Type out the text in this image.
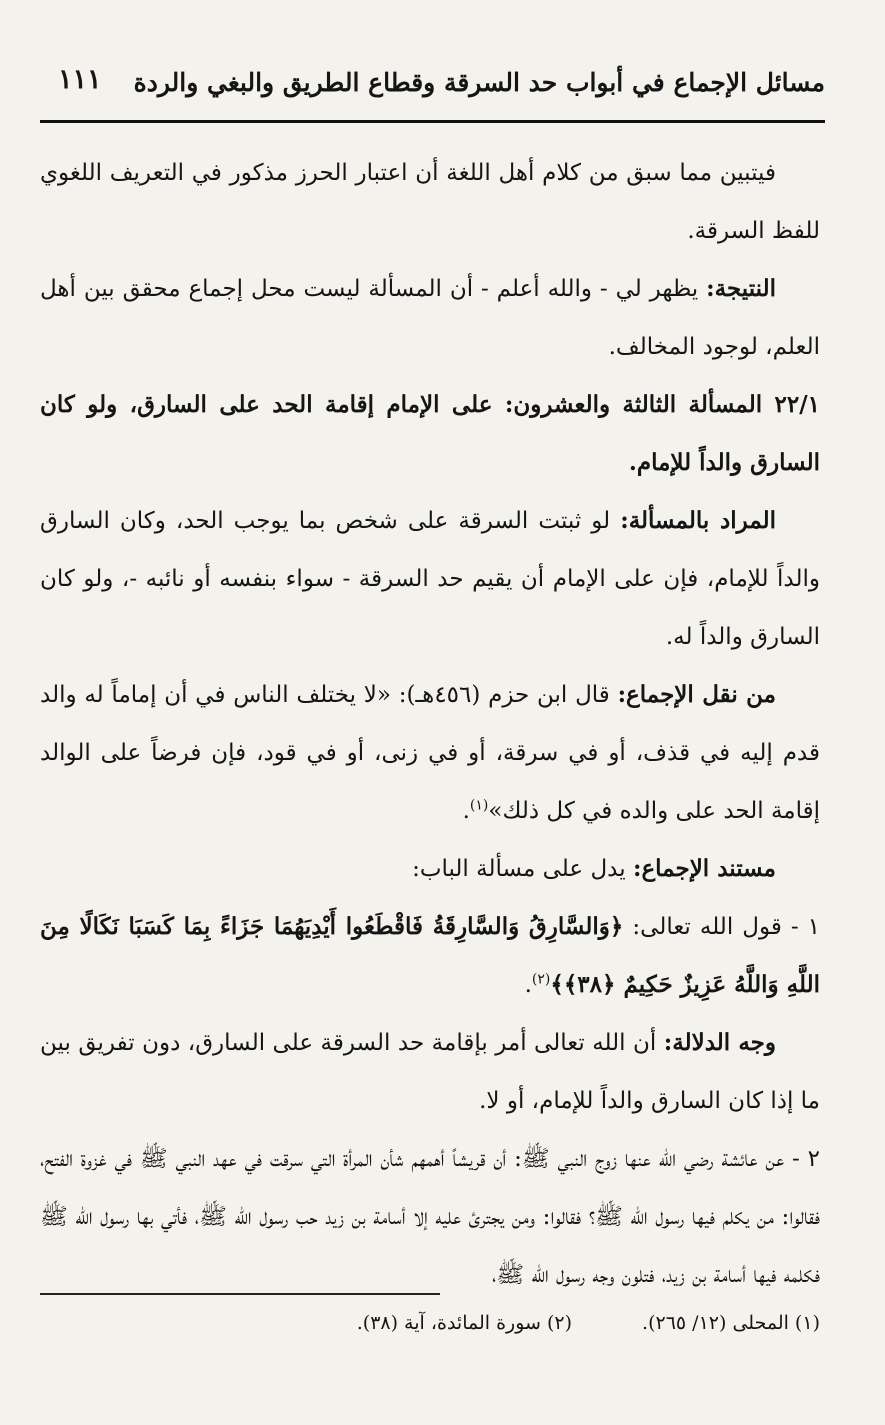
مسائل الإجماع في أبواب حد السرقة وقطاع الطريق والبغي والردة
١١١

فيتبين مما سبق من كلام أهل اللغة أن اعتبار الحرز مذكور في التعريف اللغوي للفظ السرقة.

النتيجة: يظهر لي - والله أعلم - أن المسألة ليست محل إجماع محقق بين أهل العلم، لوجود المخالف.

٢٢/١ المسألة الثالثة والعشرون: على الإمام إقامة الحد على السارق، ولو كان السارق والداً للإمام.

المراد بالمسألة: لو ثبتت السرقة على شخص بما يوجب الحد، وكان السارق والداً للإمام، فإن على الإمام أن يقيم حد السرقة - سواء بنفسه أو نائبه -، ولو كان السارق والداً له.

من نقل الإجماع: قال ابن حزم (٤٥٦هـ): «لا يختلف الناس في أن إماماً له والد قدم إليه في قذف، أو في سرقة، أو في زنى، أو في قود، فإن فرضاً على الوالد إقامة الحد على والده في كل ذلك»$^{(١)}$.

مستند الإجماع: يدل على مسألة الباب:

١ - قول الله تعالى: ﴿وَالسَّارِقُ وَالسَّارِقَةُ فَاقْطَعُوا أَيْدِيَهُمَا جَزَاءً بِمَا كَسَبَا نَكَالًا مِنَ اللَّهِ وَاللَّهُ عَزِيزٌ حَكِيمٌ ﴿٣٨﴾﴾$^{(٢)}$.

وجه الدلالة: أن الله تعالى أمر بإقامة حد السرقة على السارق، دون تفريق بين ما إذا كان السارق والداً للإمام، أو لا.

٢ - عن عائشة رضي الله عنها زوج النبي ﷺ: أن قريشاً أهمهم شأن المرأة التي سرقت في عهد النبي ﷺ في غزوة الفتح، فقالوا: من يكلم فيها رسول الله ﷺ؟ فقالوا: ومن يجترئ عليه إلا أسامة بن زيد حب رسول الله ﷺ، فأتي بها رسول الله ﷺ فكلمه فيها أسامة بن زيد، فتلون وجه رسول الله ﷺ،

(١) المحلى (١٢/ ٢٦٥).
(٢) سورة المائدة، آية (٣٨).
